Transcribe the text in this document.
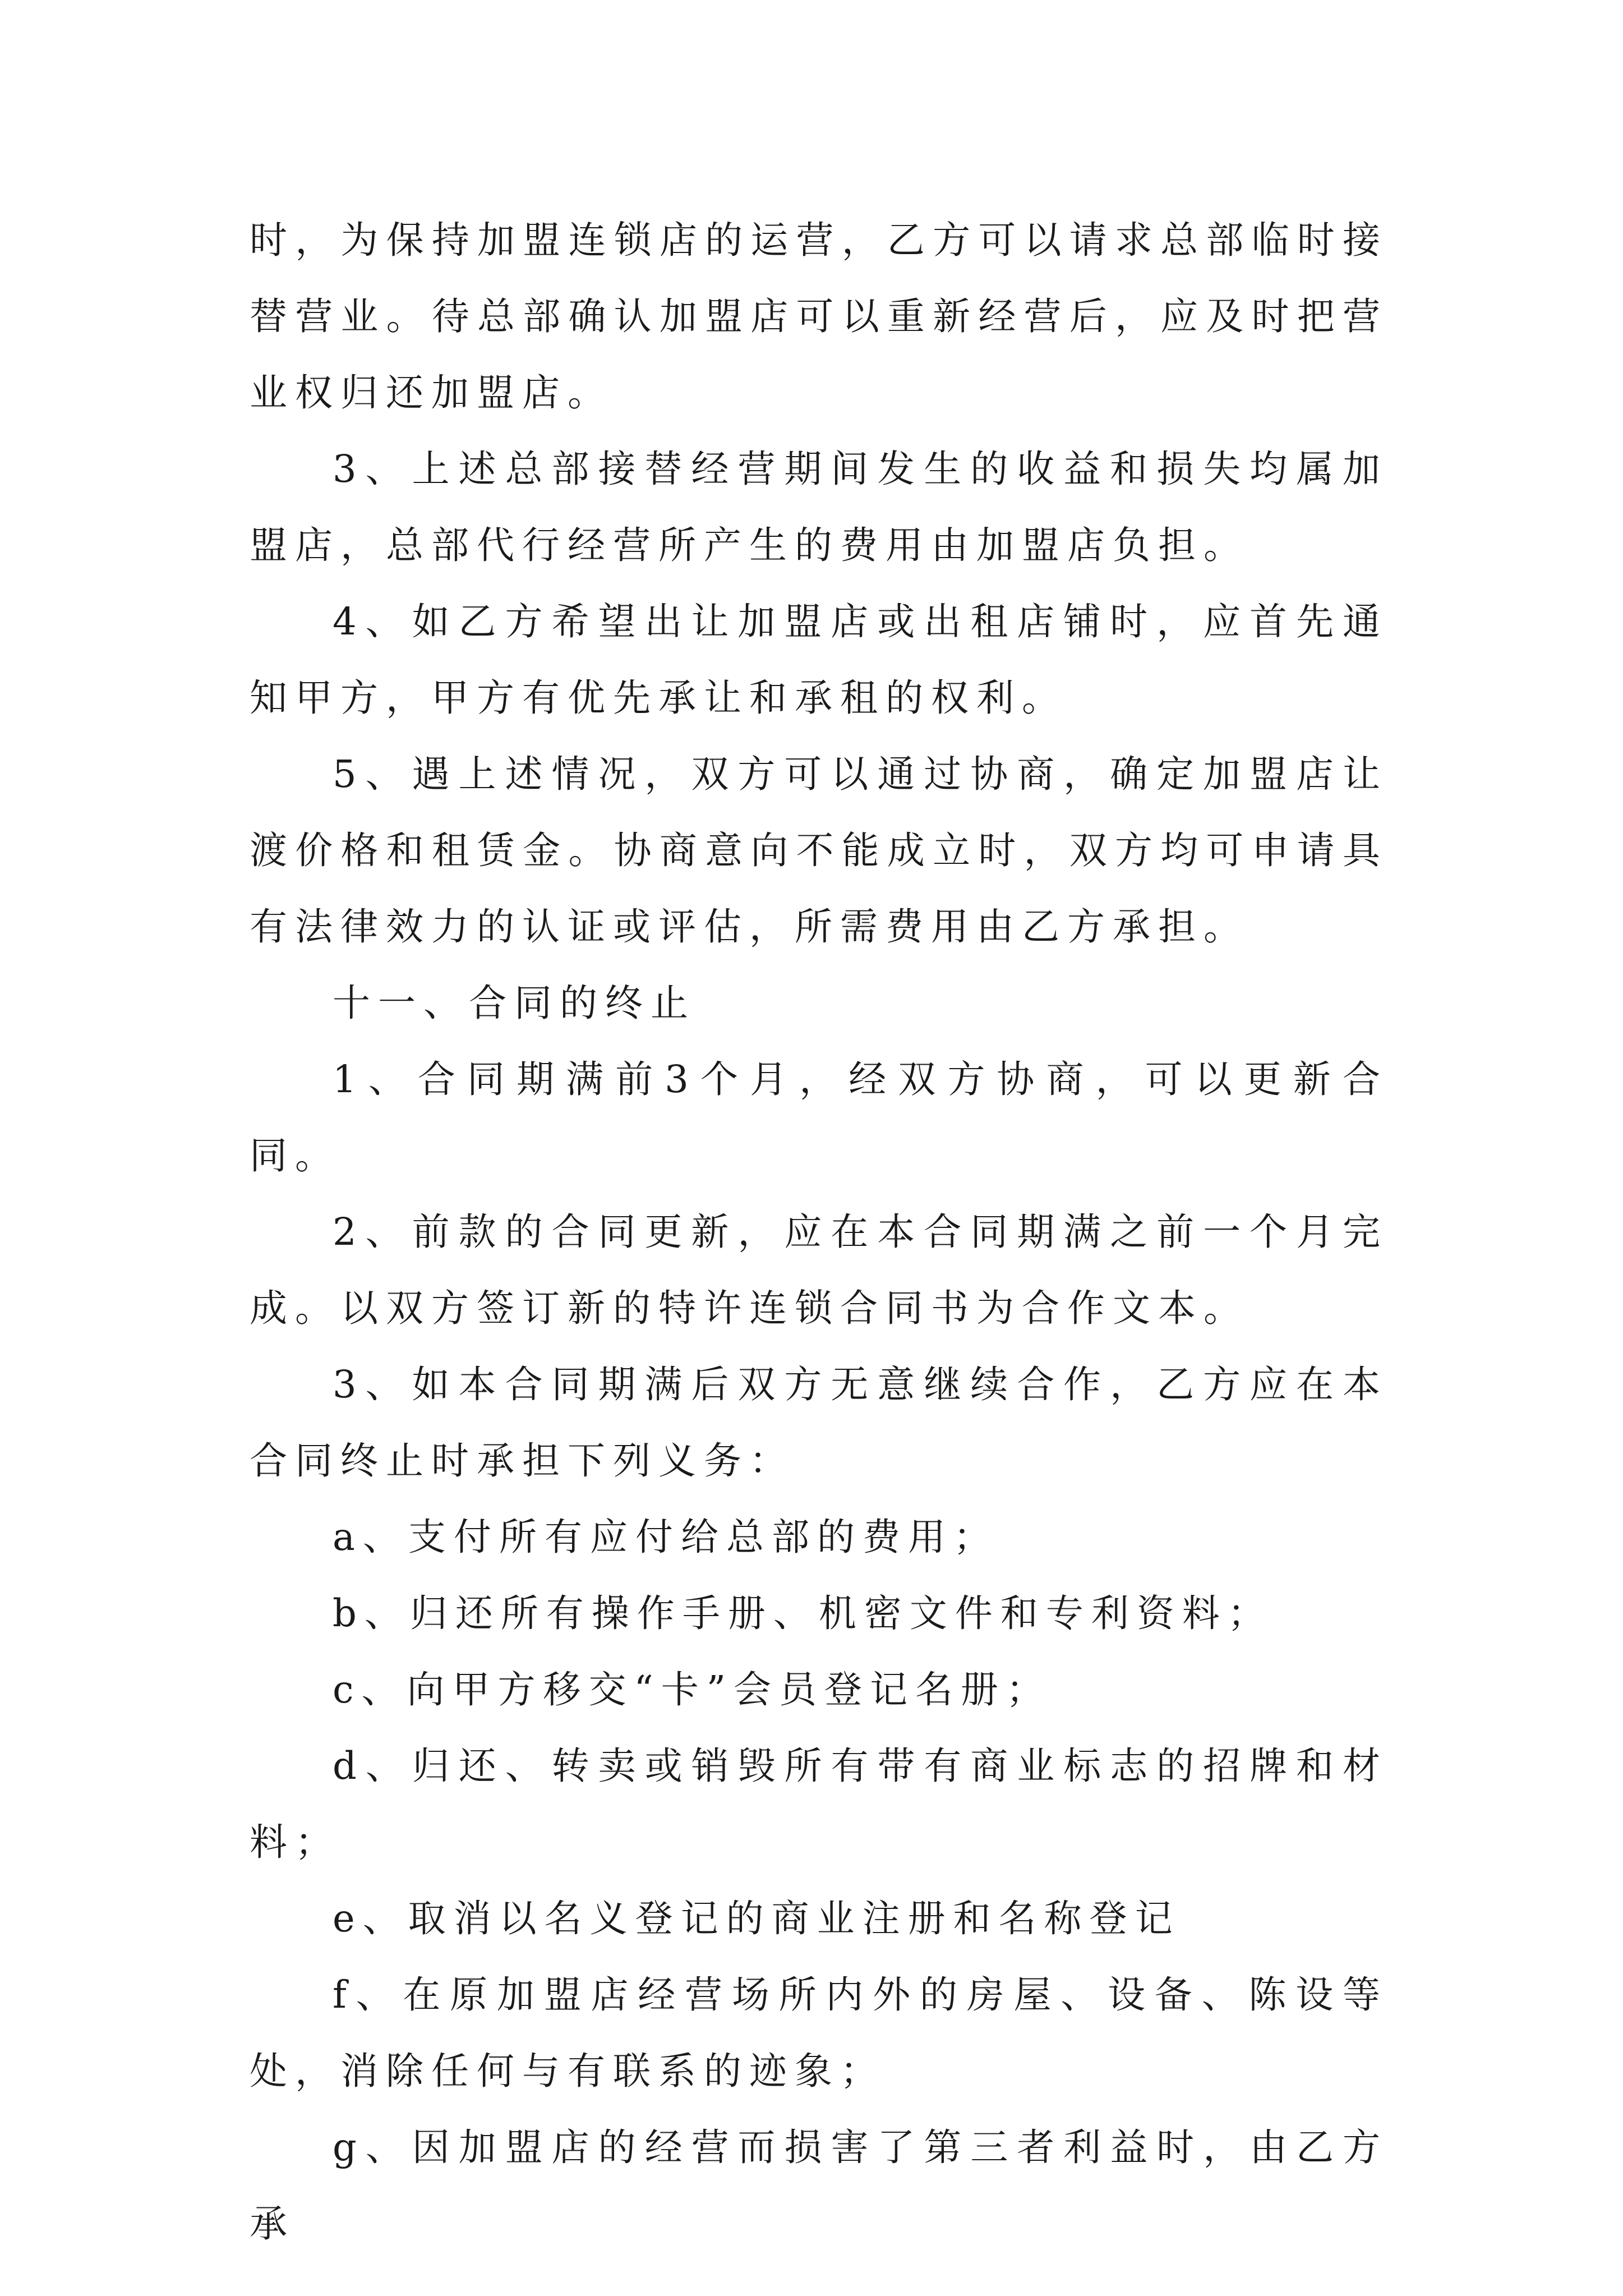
时，为保持加盟连锁店的运营，乙方可以请求总部临时接替营业。待总部确认加盟店可以重新经营后，应及时把营业权归还加盟店。

3、上述总部接替经营期间发生的收益和损失均属加盟店，总部代行经营所产生的费用由加盟店负担。

4、如乙方希望出让加盟店或出租店铺时，应首先通知甲方，甲方有优先承让和承租的权利。

5、遇上述情况，双方可以通过协商，确定加盟店让渡价格和租赁金。协商意向不能成立时，双方均可申请具有法律效力的认证或评估，所需费用由乙方承担。

十一、合同的终止

1、合同期满前3个月，经双方协商，可以更新合同。

2、前款的合同更新，应在本合同期满之前一个月完成。以双方签订新的特许连锁合同书为合作文本。

3、如本合同期满后双方无意继续合作，乙方应在本合同终止时承担下列义务：

a、支付所有应付给总部的费用；

b、归还所有操作手册、机密文件和专利资料；

c、向甲方移交“卡”会员登记名册；

d、归还、转卖或销毁所有带有商业标志的招牌和材料；

e、取消以名义登记的商业注册和名称登记

f、在原加盟店经营场所内外的房屋、设备、陈设等处，消除任何与有联系的迹象；

g、因加盟店的经营而损害了第三者利益时，由乙方承
